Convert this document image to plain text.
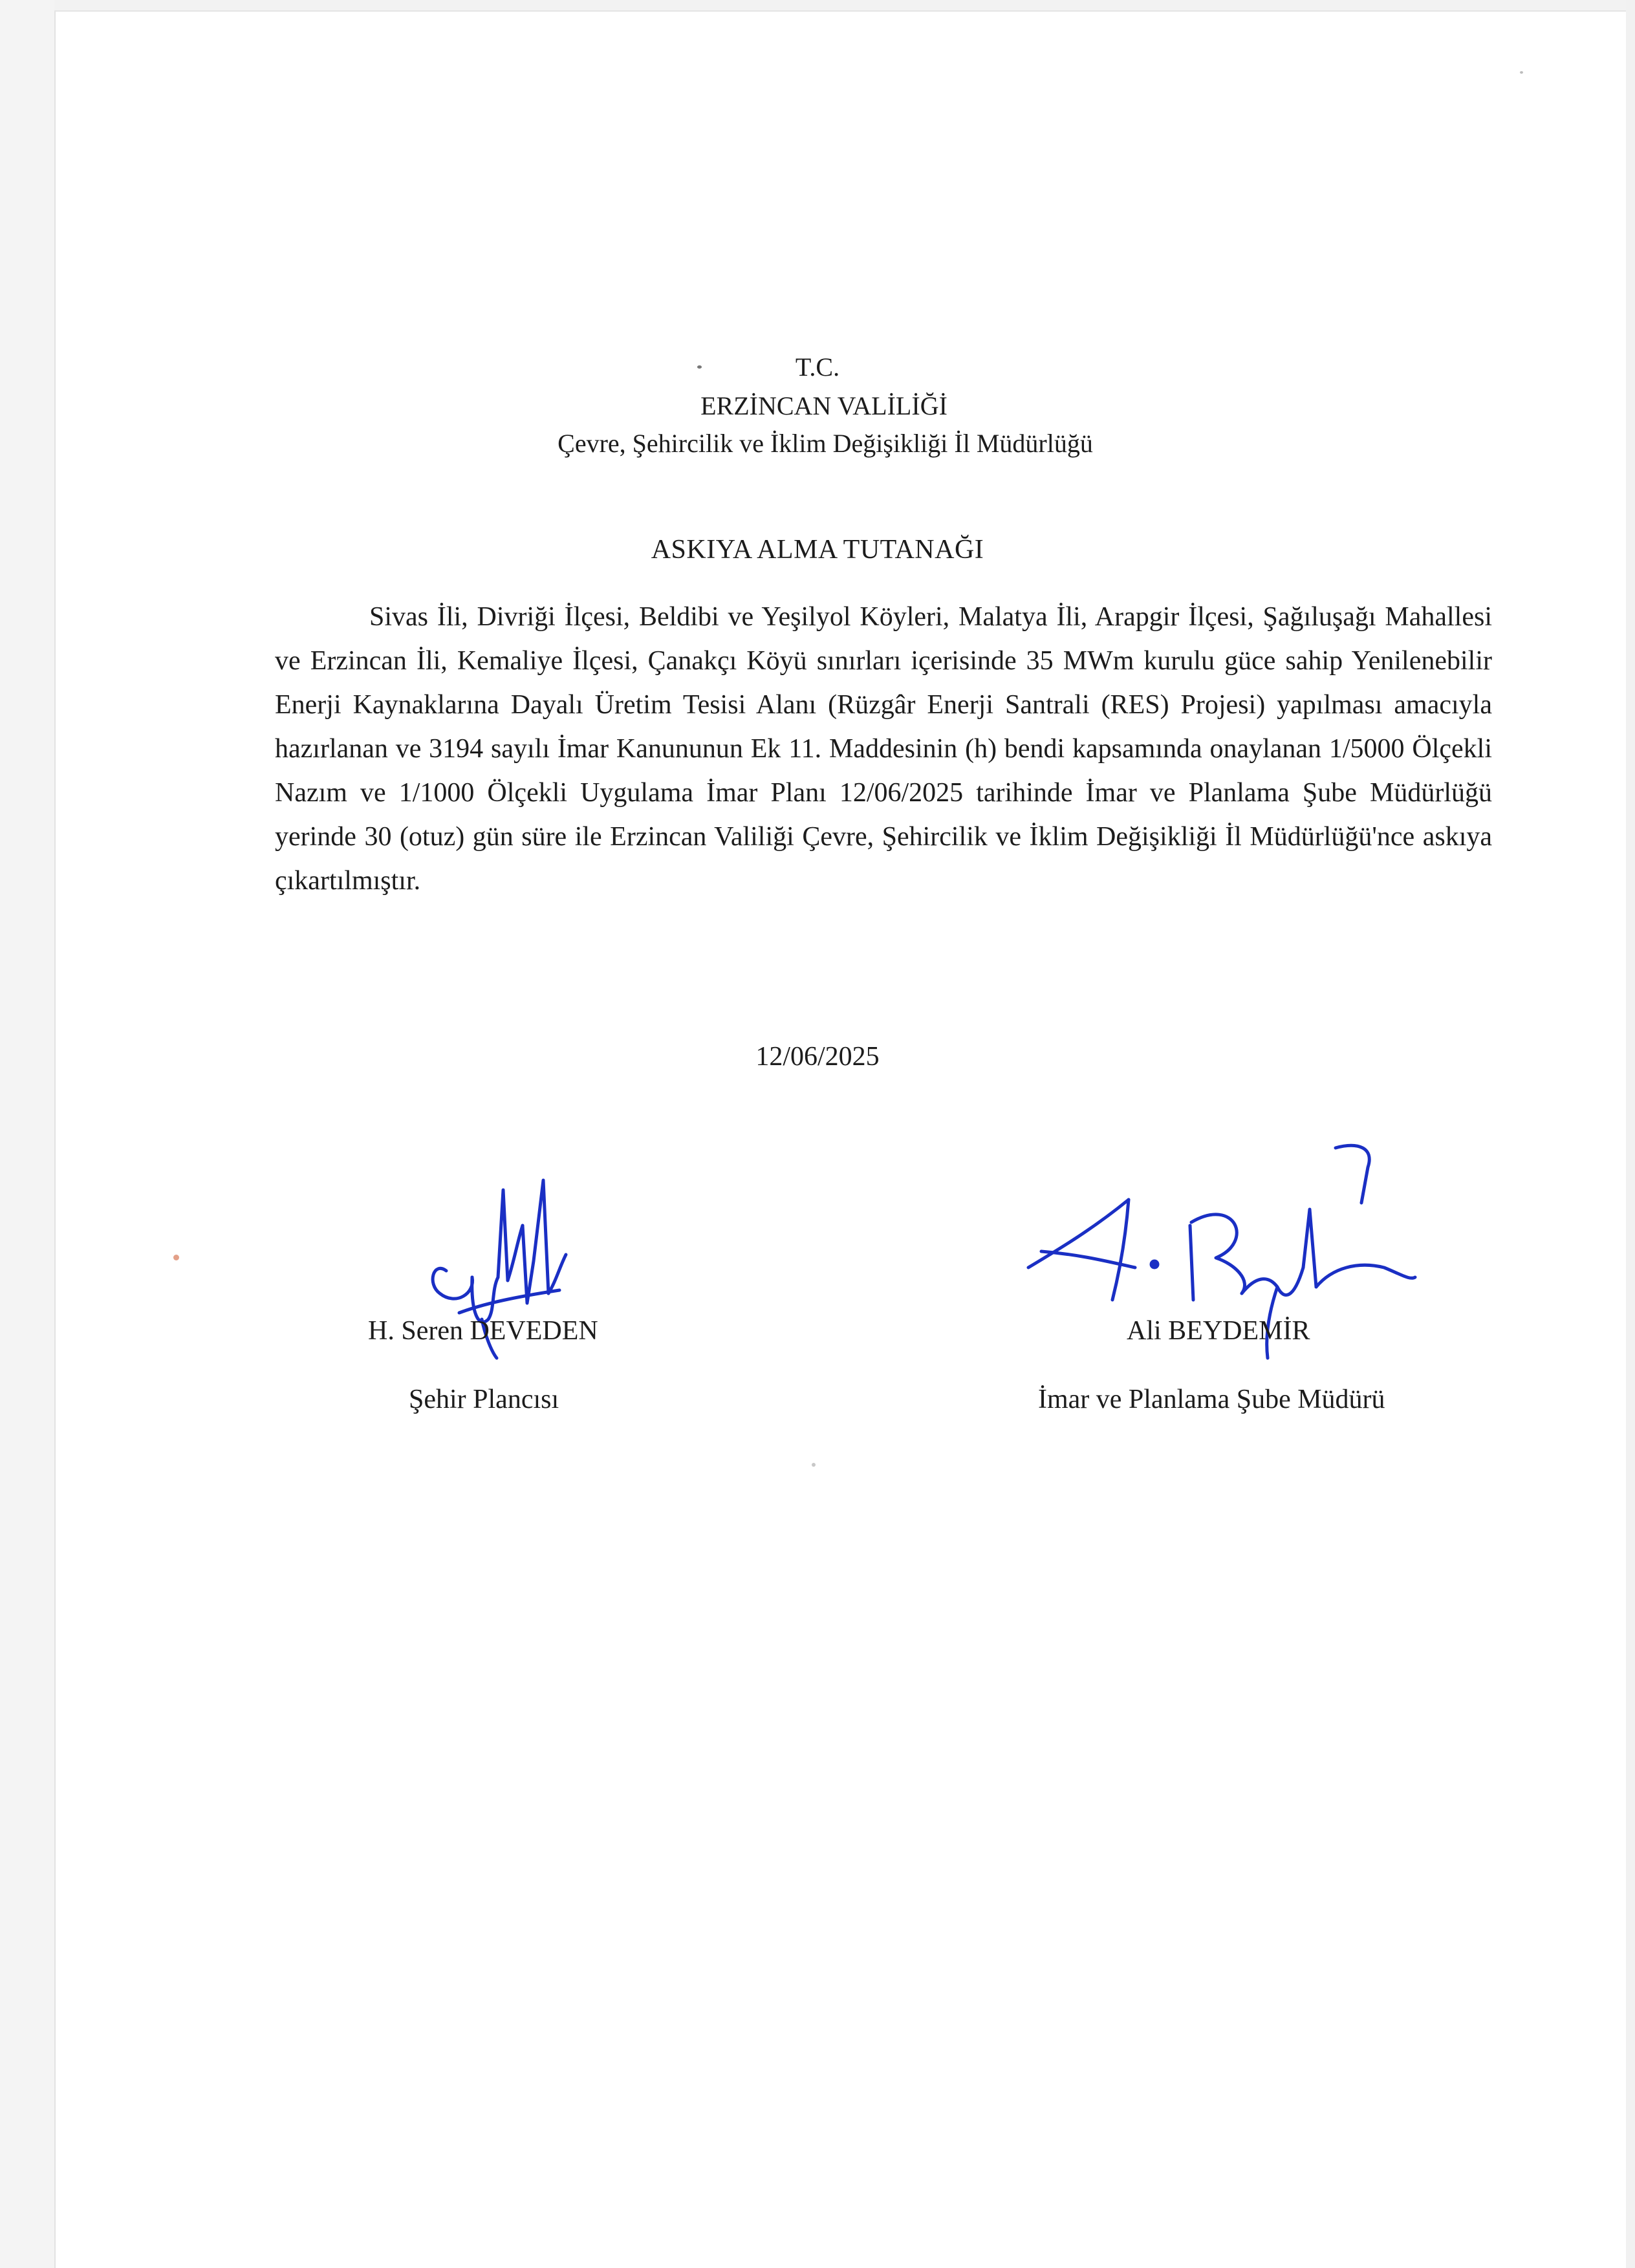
T.C.
ERZİNCAN VALİLİĞİ
Çevre, Şehircilik ve İklim Değişikliği İl Müdürlüğü
ASKIYA ALMA TUTANAĞI

Sivas İli, Divriği İlçesi, Beldibi ve Yeşilyol Köyleri, Malatya İli, Arapgir İlçesi, Şağıluşağı Mahallesi ve Erzincan İli, Kemaliye İlçesi, Çanakçı Köyü sınırları içerisinde 35 MWm kurulu güce sahip Yenilenebilir Enerji Kaynaklarına Dayalı Üretim Tesisi Alanı (Rüzgâr Enerji Santrali (RES) Projesi) yapılması amacıyla hazırlanan ve 3194 sayılı İmar Kanununun Ek 11. Maddesinin (h) bendi kapsamında onaylanan 1/5000 Ölçekli Nazım ve 1/1000 Ölçekli Uygulama İmar Planı 12/06/2025 tarihinde İmar ve Planlama Şube Müdürlüğü yerinde 30 (otuz) gün süre ile Erzincan Valiliği Çevre, Şehircilik ve İklim Değişikliği İl Müdürlüğü'nce askıya çıkartılmıştır.

12/06/2025
H. Seren DEVEDEN
Şehir Plancısı
Ali BEYDEMİR
İmar ve Planlama Şube Müdürü
